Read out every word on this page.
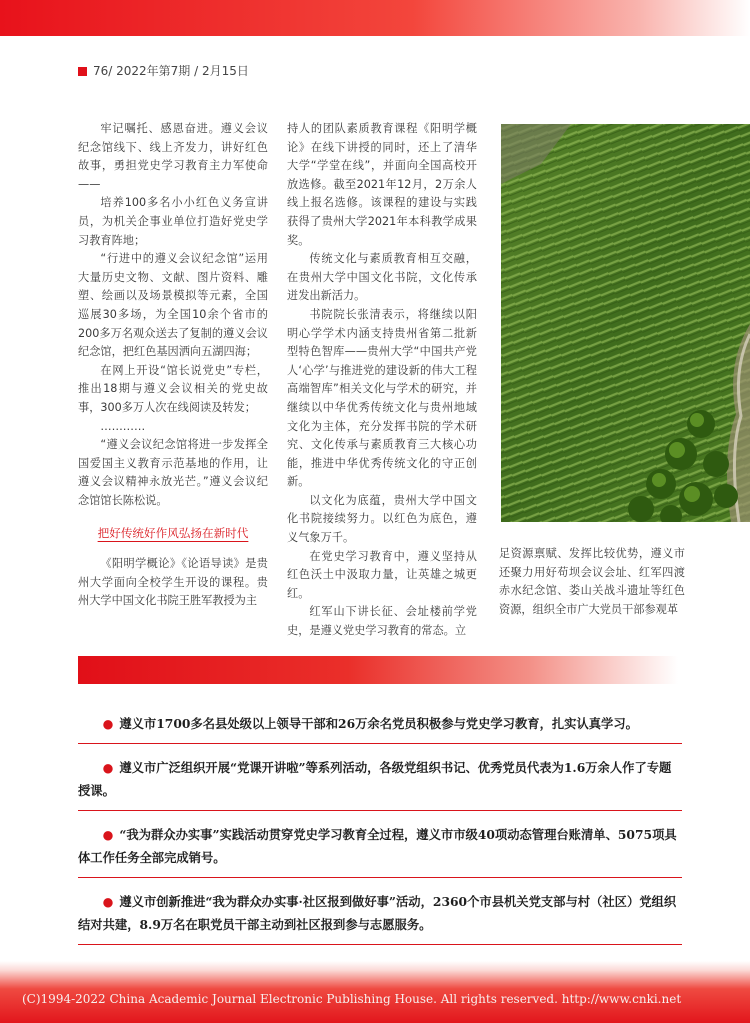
76/ 2022年第7期 / 2月15日

牢记嘱托、感恩奋进。遵义会议纪念馆线下、线上齐发力，讲好红色故事，勇担党史学习教育主力军使命——

培养100多名小小红色义务宣讲员，为机关企事业单位打造好党史学习教育阵地；

“行进中的遵义会议纪念馆”运用大量历史文物、文献、图片资料、雕塑、绘画以及场景模拟等元素，全国巡展30多场，为全国10余个省市的200多万名观众送去了复制的遵义会议纪念馆，把红色基因洒向五湖四海；

在网上开设“馆长说党史”专栏，推出18期与遵义会议相关的党史故事，300多万人次在线阅读及转发；

…………

“遵义会议纪念馆将进一步发挥全国爱国主义教育示范基地的作用，让遵义会议精神永放光芒。”遵义会议纪念馆馆长陈松说。

把好传统好作风弘扬在新时代

《阳明学概论》《论语导读》是贵州大学面向全校学生开设的课程。贵州大学中国文化书院王胜军教授为主

持人的团队素质教育课程《阳明学概论》在线下讲授的同时，还上了清华大学“学堂在线”，并面向全国高校开放选修。截至2021年12月，2万余人线上报名选修。该课程的建设与实践获得了贵州大学2021年本科教学成果奖。

传统文化与素质教育相互交融，在贵州大学中国文化书院，文化传承迸发出新活力。

书院院长张清表示，将继续以阳明心学学术内涵支持贵州省第二批新型特色智库——贵州大学“中国共产党人‘心学’与推进党的建设新的伟大工程高端智库”相关文化与学术的研究，并继续以中华优秀传统文化与贵州地域文化为主体，充分发挥书院的学术研究、文化传承与素质教育三大核心功能，推进中华优秀传统文化的守正创新。

以文化为底蕴，贵州大学中国文化书院接续努力。以红色为底色，遵义气象万千。

在党史学习教育中，遵义坚持从红色沃土中汲取力量，让英雄之城更红。

红军山下讲长征、会址楼前学党史，是遵义党史学习教育的常态。立

足资源禀赋、发挥比较优势，遵义市还聚力用好苟坝会议会址、红军四渡赤水纪念馆、娄山关战斗遗址等红色资源，组织全市广大党员干部参观革

● 遵义市1700多名县处级以上领导干部和26万余名党员积极参与党史学习教育，扎实认真学习。
● 遵义市广泛组织开展“党课开讲啦”等系列活动，各级党组织书记、优秀党员代表为1.6万余人作了专题授课。
● “我为群众办实事”实践活动贯穿党史学习教育全过程，遵义市市级40项动态管理台账清单、5075项具体工作任务全部完成销号。
● 遵义市创新推进“我为群众办实事·社区报到做好事”活动，2360个市县机关党支部与村（社区）党组织结对共建，8.9万名在职党员干部主动到社区报到参与志愿服务。
(C)1994-2022 China Academic Journal Electronic Publishing House. All rights reserved. http://www.cnki.net
